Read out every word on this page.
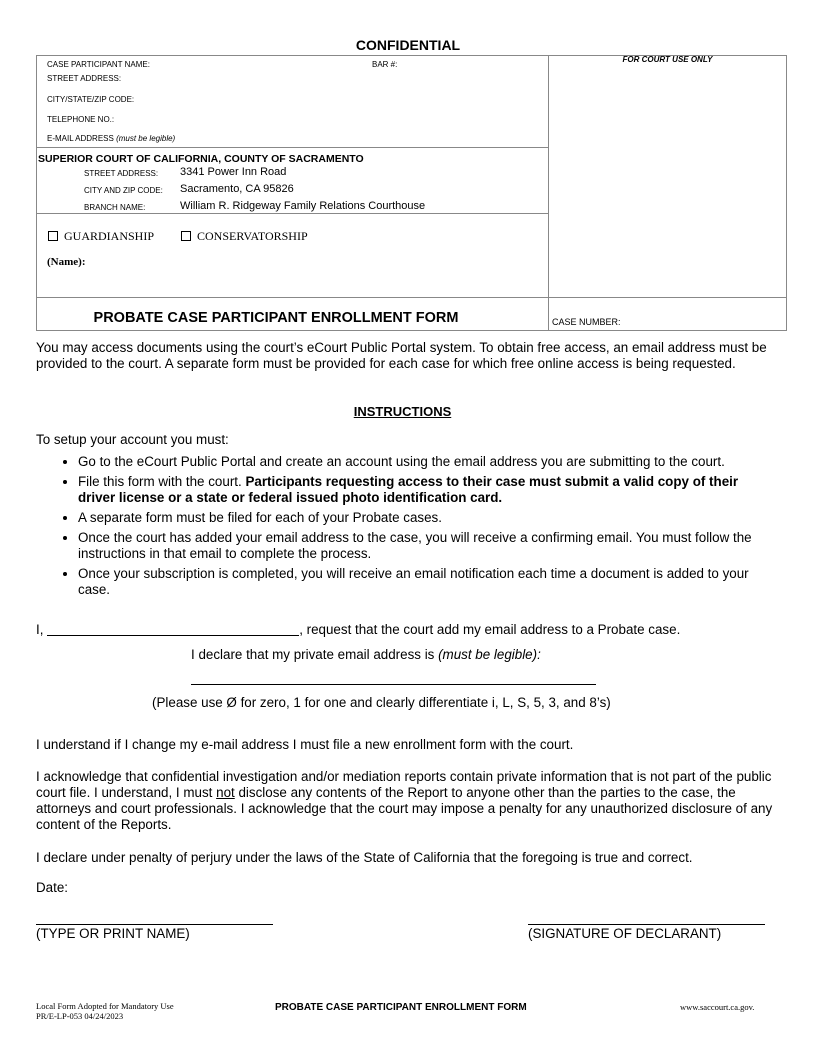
CONFIDENTIAL
CASE PARTICIPANT NAME:	BAR #:
STREET ADDRESS:
CITY/STATE/ZIP CODE:
TELEPHONE NO.:
E-MAIL ADDRESS (must be legible)
FOR COURT USE ONLY
SUPERIOR COURT OF CALIFORNIA, COUNTY OF SACRAMENTO
STREET ADDRESS: 3341 Power Inn Road
CITY AND ZIP CODE: Sacramento, CA 95826
BRANCH NAME:	William R. Ridgeway Family Relations Courthouse
GUARDIANSHIP	CONSERVATORSHIP
(Name):
PROBATE CASE PARTICIPANT ENROLLMENT FORM	CASE NUMBER:
You may access documents using the court’s eCourt Public Portal system. To obtain free access, an email address must be provided to the court. A separate form must be provided for each case for which free online access is being requested.
INSTRUCTIONS
To setup your account you must:
• Go to the eCourt Public Portal and create an account using the email address you are submitting to the court.
• File this form with the court. Participants requesting access to their case must submit a valid copy of their driver license or a state or federal issued photo identification card.
• A separate form must be filed for each of your Probate cases.
• Once the court has added your email address to the case, you will receive a confirming email. You must follow the instructions in that email to complete the process.
• Once your subscription is completed, you will receive an email notification each time a document is added to your case.
I,	, request that the court add my email address to a Probate case.
I declare that my private email address is (must be legible):
(Please use Ø for zero, 1 for one and clearly differentiate i, L, S, 5, 3, and 8’s)
I understand if I change my e-mail address I must file a new enrollment form with the court.
I acknowledge that confidential investigation and/or mediation reports contain private information that is not part of the public court file. I understand, I must not disclose any contents of the Report to anyone other than the parties to the case, the attorneys and court professionals. I acknowledge that the court may impose a penalty for any unauthorized disclosure of any content of the Reports.
I declare under penalty of perjury under the laws of the State of California that the foregoing is true and correct.
Date:
(TYPE OR PRINT NAME)	(SIGNATURE OF DECLARANT)
Local Form Adopted for Mandatory Use
PR/E-LP-053 04/24/2023
PROBATE CASE PARTICIPANT ENROLLMENT FORM	www.saccourt.ca.gov.
